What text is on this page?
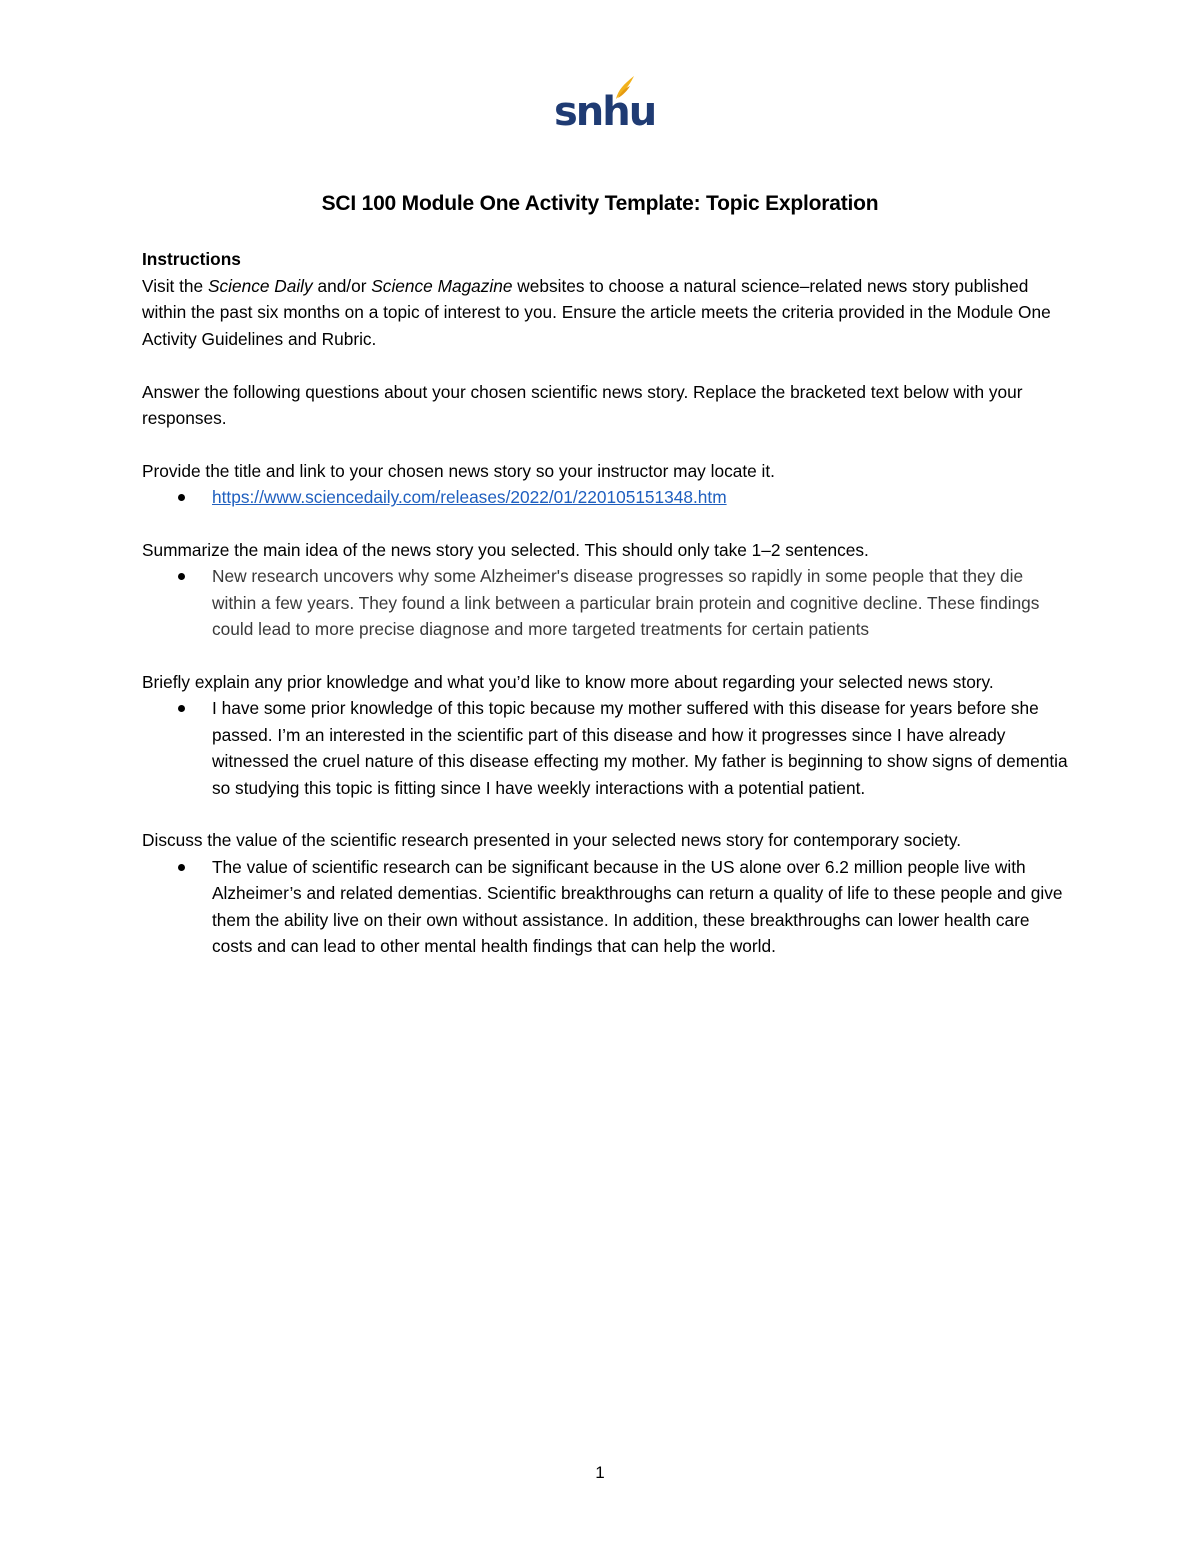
snhu
SCI 100 Module One Activity Template: Topic Exploration

Instructions

Visit the Science Daily and/or Science Magazine websites to choose a natural science–related news story published within the past six months on a topic of interest to you. Ensure the article meets the criteria provided in the Module One Activity Guidelines and Rubric.

Answer the following questions about your chosen scientific news story. Replace the bracketed text below with your responses.

Provide the title and link to your chosen news story so your instructor may locate it.

https://www.sciencedaily.com/releases/2022/01/220105151348.htm

Summarize the main idea of the news story you selected. This should only take 1–2 sentences.

New research uncovers why some Alzheimer's disease progresses so rapidly in some people that they die within a few years. They found a link between a particular brain protein and cognitive decline. These findings could lead to more precise diagnose and more targeted treatments for certain patients

Briefly explain any prior knowledge and what you’d like to know more about regarding your selected news story.

I have some prior knowledge of this topic because my mother suffered with this disease for years before she passed. I’m an interested in the scientific part of this disease and how it progresses since I have already witnessed the cruel nature of this disease effecting my mother. My father is beginning to show signs of dementia so studying this topic is fitting since I have weekly interactions with a potential patient.

Discuss the value of the scientific research presented in your selected news story for contemporary society.

The value of scientific research can be significant because in the US alone over 6.2 million people live with Alzheimer’s and related dementias. Scientific breakthroughs can return a quality of life to these people and give them the ability live on their own without assistance. In addition, these breakthroughs can lower health care costs and can lead to other mental health findings that can help the world.
1
